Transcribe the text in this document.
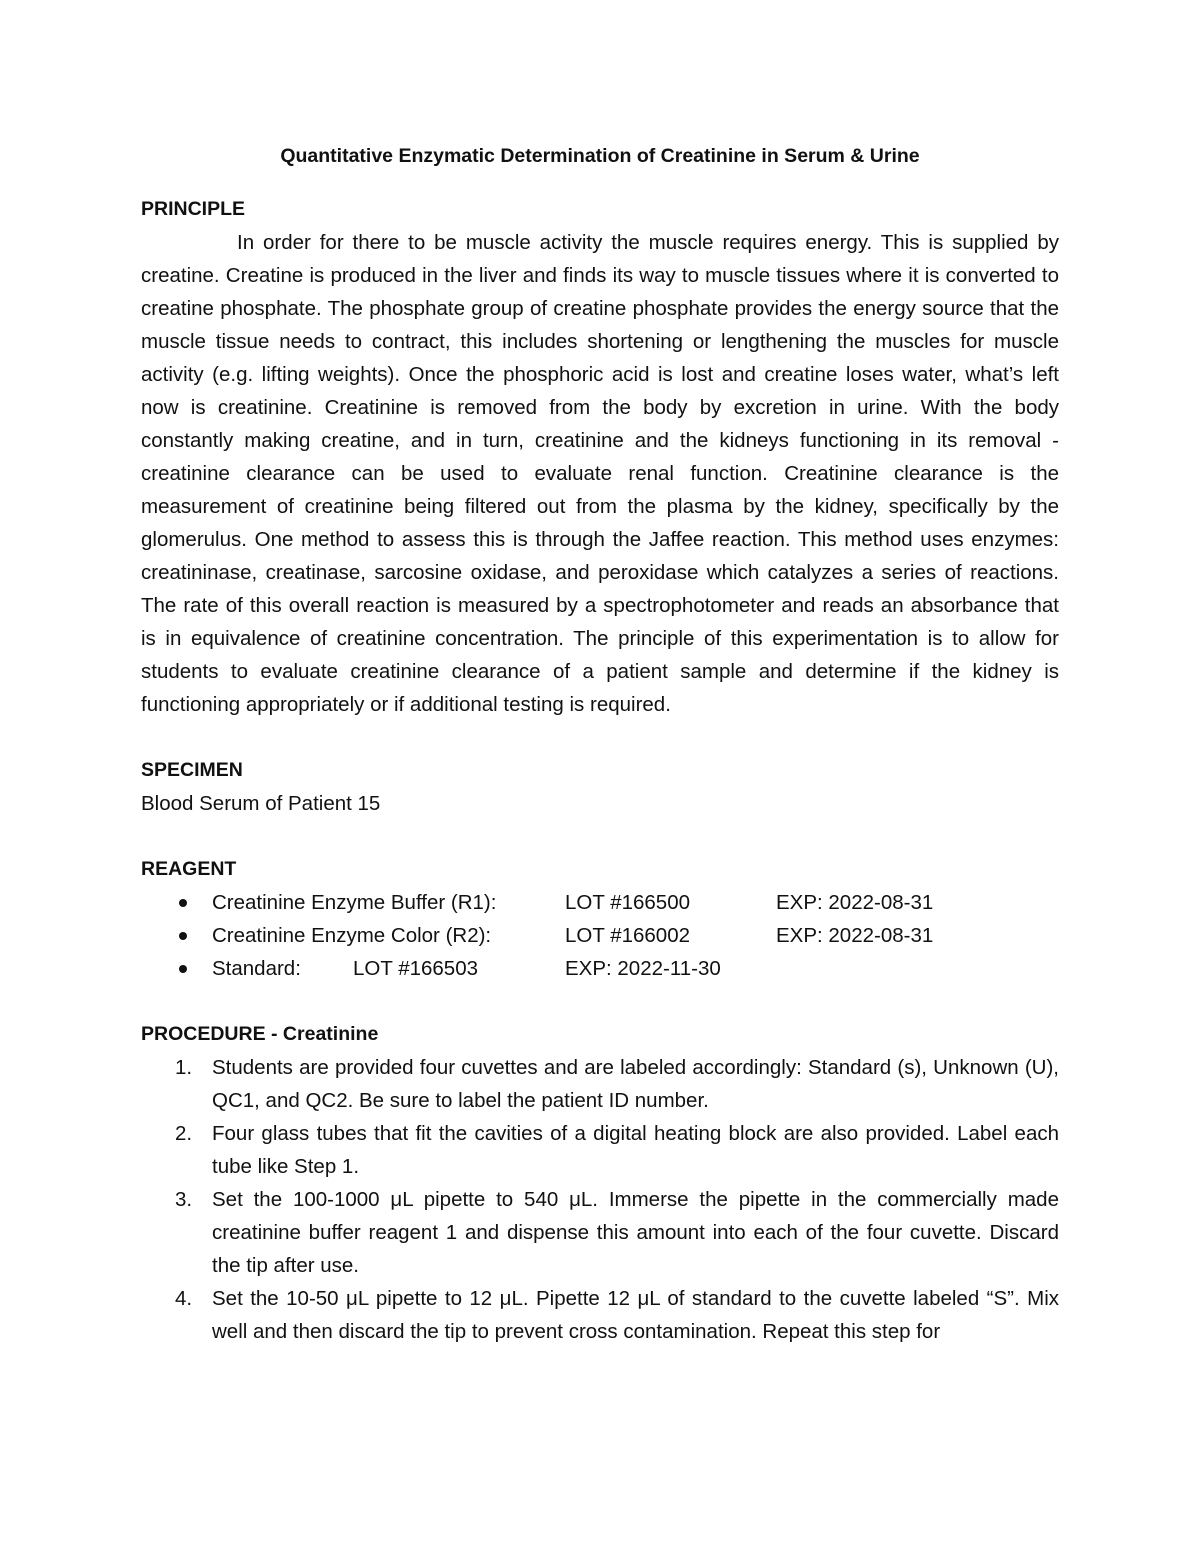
Quantitative Enzymatic Determination of Creatinine in Serum & Urine
PRINCIPLE

In order for there to be muscle activity the muscle requires energy. This is supplied by creatine. Creatine is produced in the liver and finds its way to muscle tissues where it is converted to creatine phosphate. The phosphate group of creatine phosphate provides the energy source that the muscle tissue needs to contract, this includes shortening or lengthening the muscles for muscle activity (e.g. lifting weights). Once the phosphoric acid is lost and creatine loses water, what’s left now is creatinine. Creatinine is removed from the body by excretion in urine. With the body constantly making creatine, and in turn, creatinine and the kidneys functioning in its removal - creatinine clearance can be used to evaluate renal function. Creatinine clearance is the measurement of creatinine being filtered out from the plasma by the kidney, specifically by the glomerulus. One method to assess this is through the Jaffee reaction. This method uses enzymes: creatininase, creatinase, sarcosine oxidase, and peroxidase which catalyzes a series of reactions. The rate of this overall reaction is measured by a spectrophotometer and reads an absorbance that is in equivalence of creatinine concentration. The principle of this experimentation is to allow for students to evaluate creatinine clearance of a patient sample and determine if the kidney is functioning appropriately or if additional testing is required.

SPECIMEN

Blood Serum of Patient 15

REAGENT
Creatinine Enzyme Buffer (R1):	LOT #166500	EXP: 2022-08-31
Creatinine Enzyme Color (R2):	LOT #166002	EXP: 2022-08-31
Standard:	LOT #166503	EXP: 2022-11-30
PROCEDURE - Creatinine
1. Students are provided four cuvettes and are labeled accordingly: Standard (s), Unknown (U), QC1, and QC2. Be sure to label the patient ID number.
2. Four glass tubes that fit the cavities of a digital heating block are also provided. Label each tube like Step 1.
3. Set the 100-1000 μL pipette to 540 μL. Immerse the pipette in the commercially made creatinine buffer reagent 1 and dispense this amount into each of the four cuvette. Discard the tip after use.
4. Set the 10-50 μL pipette to 12 μL. Pipette 12 μL of standard to the cuvette labeled “S”. Mix well and then discard the tip to prevent cross contamination. Repeat this step for
